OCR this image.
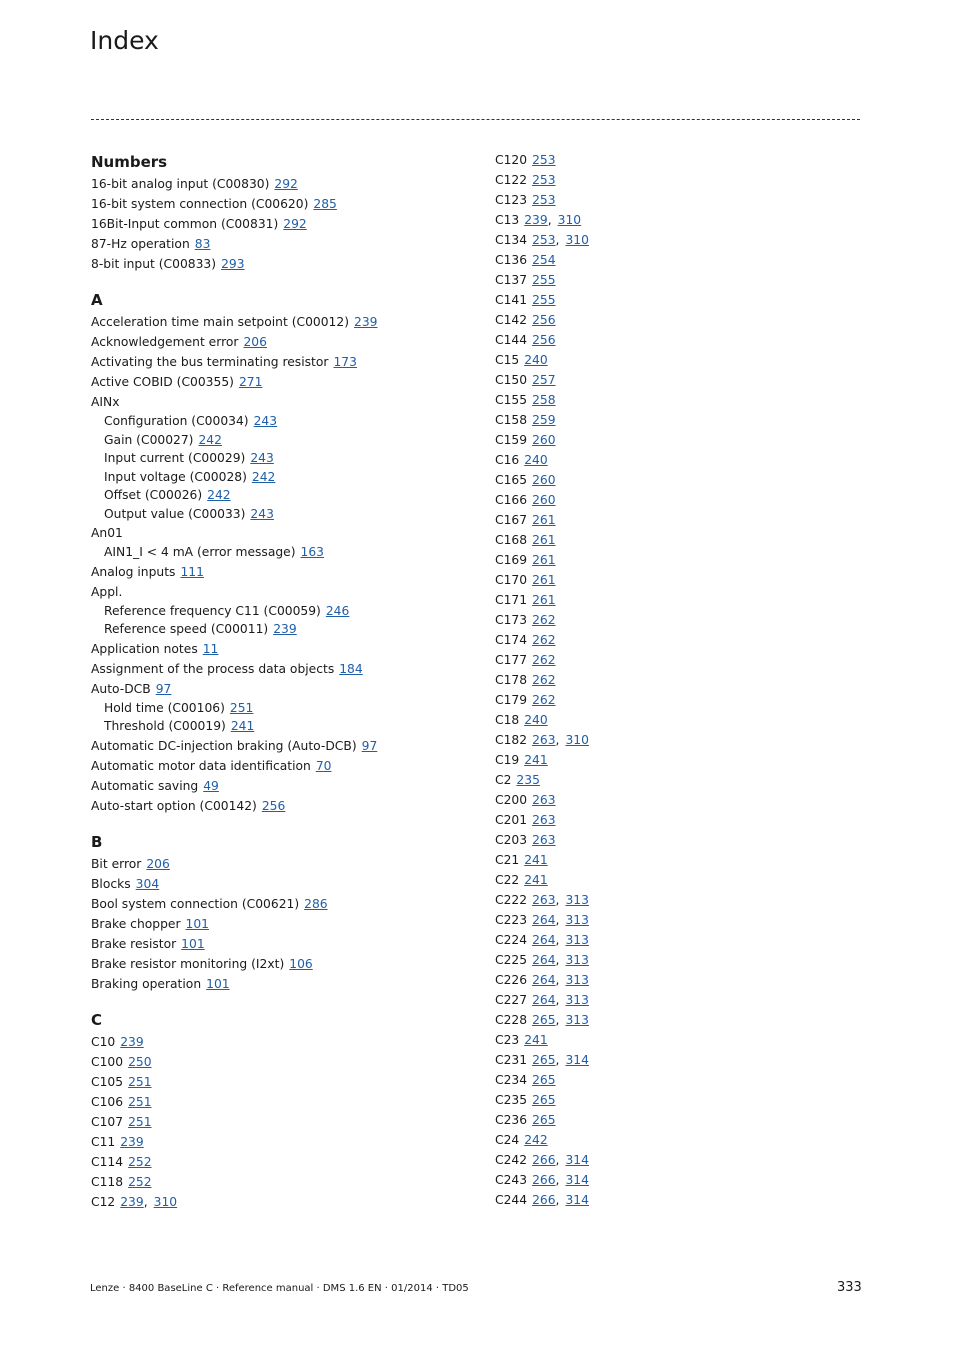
Index
Numbers
16-bit analog input (C00830) 292
16-bit system connection (C00620) 285
16Bit-Input common (C00831) 292
87-Hz operation 83
8-bit input (C00833) 293
A
Acceleration time main setpoint (C00012) 239
Acknowledgement error 206
Activating the bus terminating resistor 173
Active COBID (C00355) 271
AINx
Configuration (C00034) 243
Gain (C00027) 242
Input current (C00029) 243
Input voltage (C00028) 242
Offset (C00026) 242
Output value (C00033) 243
An01
AIN1_I < 4 mA (error message) 163
Analog inputs 111
Appl.
Reference frequency C11 (C00059) 246
Reference speed (C00011) 239
Application notes 11
Assignment of the process data objects 184
Auto-DCB 97
Hold time (C00106) 251
Threshold (C00019) 241
Automatic DC-injection braking (Auto-DCB) 97
Automatic motor data identification 70
Automatic saving 49
Auto-start option (C00142) 256
B
Bit error 206
Blocks 304
Bool system connection (C00621) 286
Brake chopper 101
Brake resistor 101
Brake resistor monitoring (I2xt) 106
Braking operation 101
C
C10 239
C100 250
C105 251
C106 251
C107 251
C11 239
C114 252
C118 252
C12 239, 310
C120 253
C122 253
C123 253
C13 239, 310
C134 253, 310
C136 254
C137 255
C141 255
C142 256
C144 256
C15 240
C150 257
C155 258
C158 259
C159 260
C16 240
C165 260
C166 260
C167 261
C168 261
C169 261
C170 261
C171 261
C173 262
C174 262
C177 262
C178 262
C179 262
C18 240
C182 263, 310
C19 241
C2 235
C200 263
C201 263
C203 263
C21 241
C22 241
C222 263, 313
C223 264, 313
C224 264, 313
C225 264, 313
C226 264, 313
C227 264, 313
C228 265, 313
C23 241
C231 265, 314
C234 265
C235 265
C236 265
C24 242
C242 266, 314
C243 266, 314
C244 266, 314
Lenze · 8400 BaseLine C · Reference manual · DMS 1.6 EN · 01/2014 · TD05	333
